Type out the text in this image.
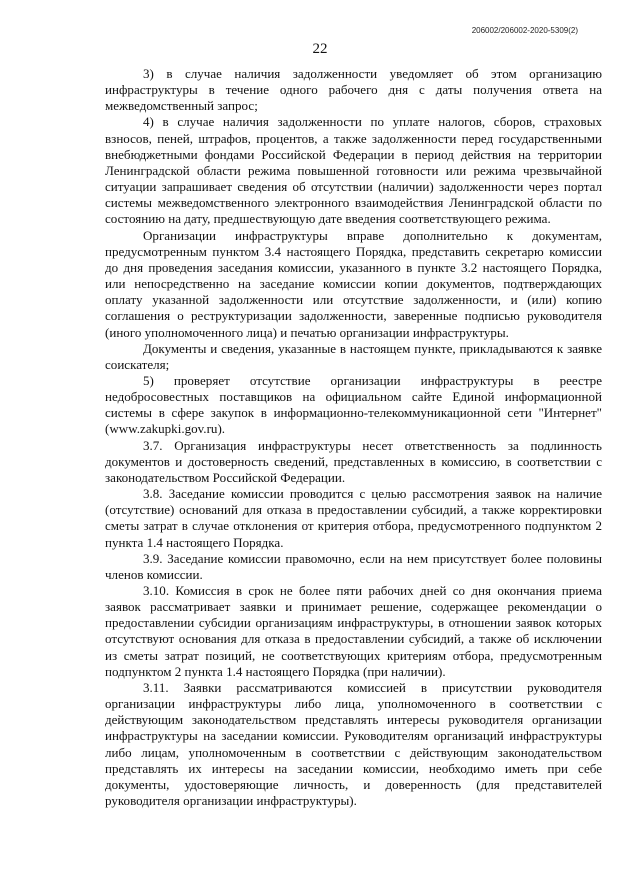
206002/206002-2020-5309(2)
22

3) в случае наличия задолженности уведомляет об этом организацию инфраструктуры в течение одного рабочего дня с даты получения ответа на межведомственный запрос;

4) в случае наличия задолженности по уплате налогов, сборов, страховых взносов, пеней, штрафов, процентов, а также задолженности перед государственными внебюджетными фондами Российской Федерации в период действия на территории Ленинградской области режима повышенной готовности или режима чрезвычайной ситуации запрашивает сведения об отсутствии (наличии) задолженности через портал системы межведомственного электронного взаимодействия Ленинградской области по состоянию на дату, предшествующую дате введения соответствующего режима.

Организации инфраструктуры вправе дополнительно к документам, предусмотренным пунктом 3.4 настоящего Порядка, представить секретарю комиссии до дня проведения заседания комиссии, указанного в пункте 3.2 настоящего Порядка, или непосредственно на заседание комиссии копии документов, подтверждающих оплату указанной задолженности или отсутствие задолженности, и (или) копию соглашения о реструктуризации задолженности, заверенные подписью руководителя (иного уполномоченного лица) и печатью организации инфраструктуры.

Документы и сведения, указанные в настоящем пункте, прикладываются к заявке соискателя;

5) проверяет отсутствие организации инфраструктуры в реестре недобросовестных поставщиков на официальном сайте Единой информационной системы в сфере закупок в информационно-телекоммуникационной сети "Интернет" (www.zakupki.gov.ru).

3.7. Организация инфраструктуры несет ответственность за подлинность документов и достоверность сведений, представленных в комиссию, в соответствии с законодательством Российской Федерации.

3.8. Заседание комиссии проводится с целью рассмотрения заявок на наличие (отсутствие) оснований для отказа в предоставлении субсидий, а также корректировки сметы затрат в случае отклонения от критерия отбора, предусмотренного подпунктом 2 пункта 1.4 настоящего Порядка.

3.9. Заседание комиссии правомочно, если на нем присутствует более половины членов комиссии.

3.10. Комиссия в срок не более пяти рабочих дней со дня окончания приема заявок рассматривает заявки и принимает решение, содержащее рекомендации о предоставлении субсидии организациям инфраструктуры, в отношении заявок которых отсутствуют основания для отказа в предоставлении субсидий, а также об исключении из сметы затрат позиций, не соответствующих критериям отбора, предусмотренным подпунктом 2 пункта 1.4 настоящего Порядка (при наличии).

3.11. Заявки рассматриваются комиссией в присутствии руководителя организации инфраструктуры либо лица, уполномоченного в соответствии с действующим законодательством представлять интересы руководителя организации инфраструктуры на заседании комиссии. Руководителям организаций инфраструктуры либо лицам, уполномоченным в соответствии с действующим законодательством представлять их интересы на заседании комиссии, необходимо иметь при себе документы, удостоверяющие личность, и доверенность (для представителей руководителя организации инфраструктуры).
